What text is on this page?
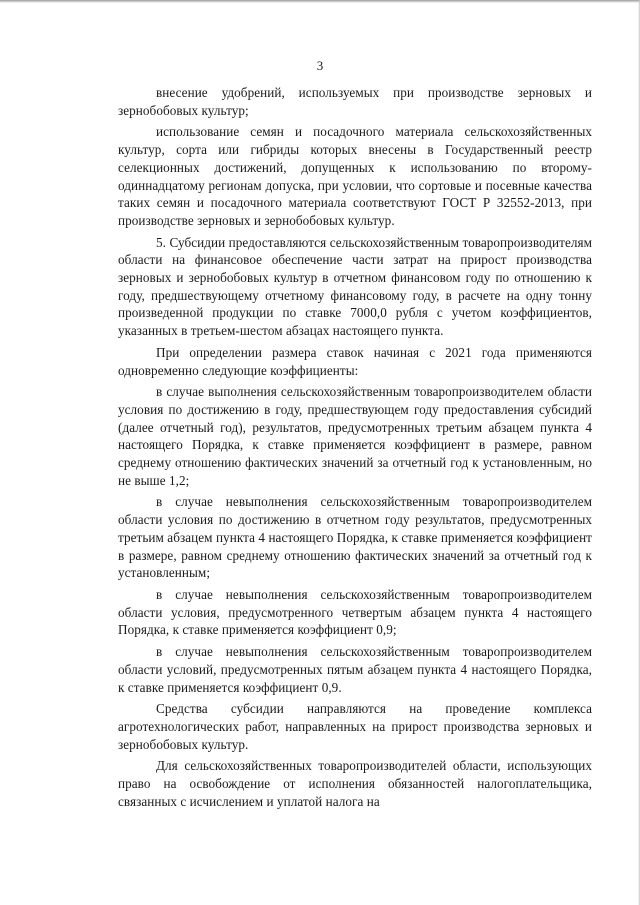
3

внесение удобрений, используемых при производстве зерновых и зернобобовых культур;

использование семян и посадочного материала сельскохозяйственных культур, сорта или гибриды которых внесены в Государственный реестр селекционных достижений, допущенных к использованию по второму-одиннадцатому регионам допуска, при условии, что сортовые и посевные качества таких семян и посадочного материала соответствуют ГОСТ Р 32552-2013, при производстве зерновых и зернобобовых культур.

5. Субсидии предоставляются сельскохозяйственным товаропроизводителям области на финансовое обеспечение части затрат на прирост производства зерновых и зернобобовых культур в отчетном финансовом году по отношению к году, предшествующему отчетному финансовому году, в расчете на одну тонну произведенной продукции по ставке 7000,0 рубля с учетом коэффициентов, указанных в третьем-шестом абзацах настоящего пункта.

При определении размера ставок начиная с 2021 года применяются одновременно следующие коэффициенты:

в случае выполнения сельскохозяйственным товаропроизводителем области условия по достижению в году, предшествующем году предоставления субсидий (далее отчетный год), результатов, предусмотренных третьим абзацем пункта 4 настоящего Порядка, к ставке применяется коэффициент в размере, равном среднему отношению фактических значений за отчетный год к установленным, но не выше 1,2;

в случае невыполнения сельскохозяйственным товаропроизводителем области условия по достижению в отчетном году результатов, предусмотренных третьим абзацем пункта 4 настоящего Порядка, к ставке применяется коэффициент в размере, равном среднему отношению фактических значений за отчетный год к установленным;

в случае невыполнения сельскохозяйственным товаропроизводителем области условия, предусмотренного четвертым абзацем пункта 4 настоящего Порядка, к ставке применяется коэффициент 0,9;

в случае невыполнения сельскохозяйственным товаропроизводителем области условий, предусмотренных пятым абзацем пункта 4 настоящего Порядка, к ставке применяется коэффициент 0,9.

Средства субсидии направляются на проведение комплекса агротехнологических работ, направленных на прирост производства зерновых и зернобобовых культур.

Для сельскохозяйственных товаропроизводителей области, использующих право на освобождение от исполнения обязанностей налогоплательщика, связанных с исчислением и уплатой налога на
